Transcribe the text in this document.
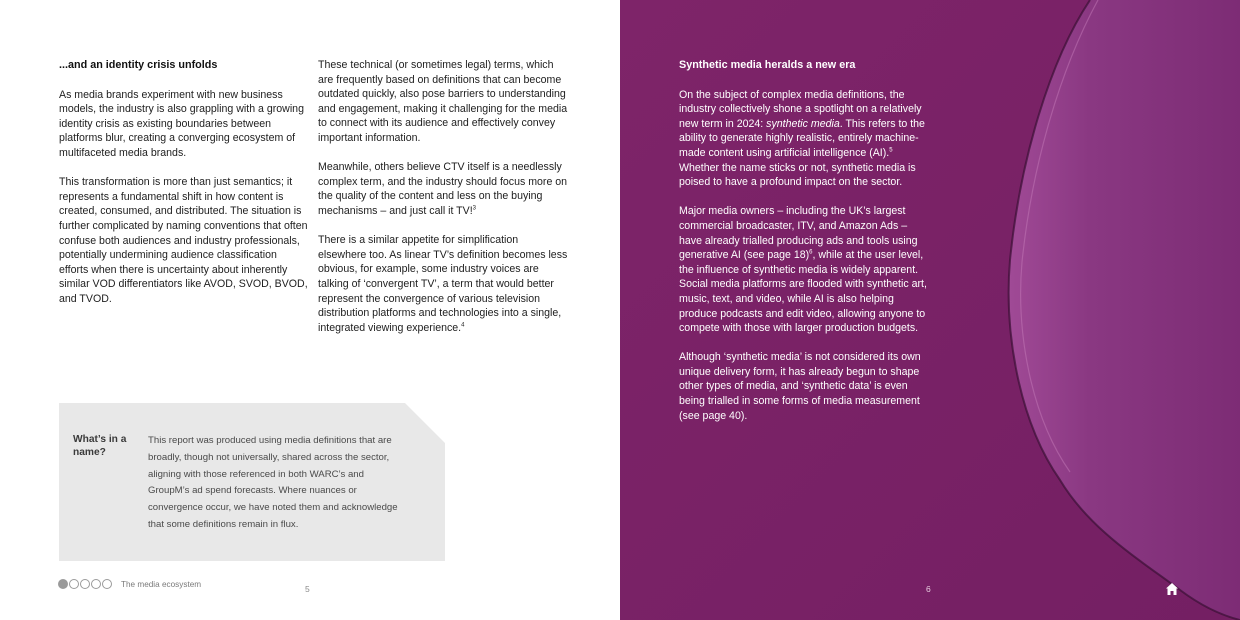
...and an identity crisis unfolds

As media brands experiment with new business models, the industry is also grappling with a growing identity crisis as existing boundaries between platforms blur, creating a converging ecosystem of multifaceted media brands.

This transformation is more than just semantics; it represents a fundamental shift in how content is created, consumed, and distributed. The situation is further complicated by naming conventions that often confuse both audiences and industry professionals, potentially undermining audience classification efforts when there is uncertainty about inherently similar VOD differentiators like AVOD, SVOD, BVOD, and TVOD.

These technical (or sometimes legal) terms, which are frequently based on definitions that can become outdated quickly, also pose barriers to understanding and engagement, making it challenging for the media to connect with its audience and effectively convey important information.

Meanwhile, others believe CTV itself is a needlessly complex term, and the industry should focus more on the quality of the content and less on the buying mechanisms – and just call it TV!$^3$

There is a similar appetite for simplification elsewhere too. As linear TV’s definition becomes less obvious, for example, some industry voices are talking of ‘convergent TV’, a term that would better represent the convergence of various television distribution platforms and technologies into a single, integrated viewing experience.$^4$

What’s in a name?
This report was produced using media definitions that are broadly, though not universally, shared across the sector, aligning with those referenced in both WARC’s and GroupM’s ad spend forecasts. Where nuances or convergence occur, we have noted them and acknowledge that some definitions remain in flux.
The media ecosystem	5
Synthetic media heralds a new era

On the subject of complex media definitions, the industry collectively shone a spotlight on a relatively new term in 2024: synthetic media. This refers to the ability to generate highly realistic, entirely machine-made content using artificial intelligence (AI).$^5$ Whether the name sticks or not, synthetic media is poised to have a profound impact on the sector.

Major media owners – including the UK’s largest commercial broadcaster, ITV, and Amazon Ads – have already trialled producing ads and tools using generative AI (see page 18)$^6$, while at the user level, the influence of synthetic media is widely apparent. Social media platforms are flooded with synthetic art, music, text, and video, while AI is also helping produce podcasts and edit video, allowing anyone to compete with those with larger production budgets.

Although ‘synthetic media’ is not considered its own unique delivery form, it has already begun to shape other types of media, and ‘synthetic data’ is even being trialled in some forms of media measurement (see page 40).

6
